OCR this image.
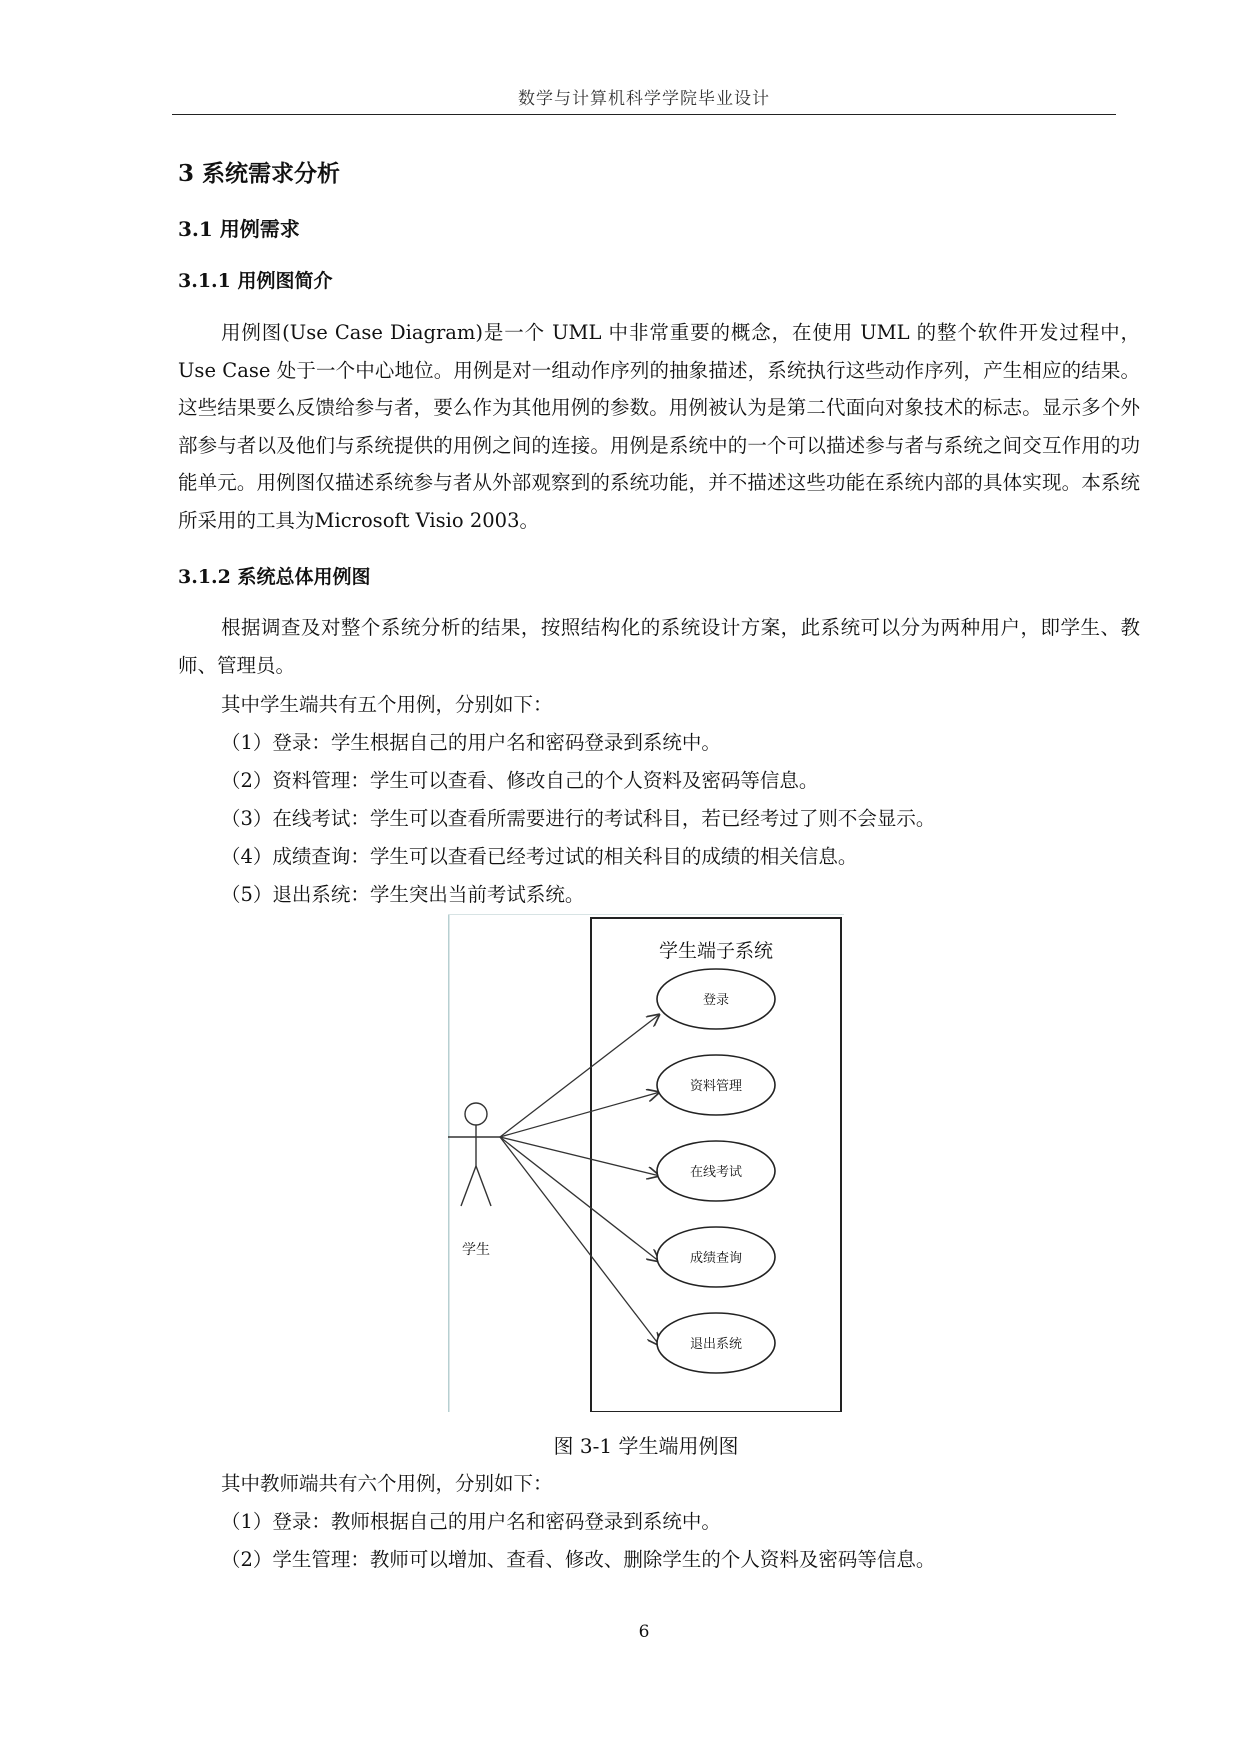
数学与计算机科学学院毕业设计
3 系统需求分析
3.1 用例需求
3.1.1 用例图简介

用例图(Use Case Diagram)是一个 UML 中非常重要的概念，在使用 UML 的整个软件开发过程中，Use Case 处于一个中心地位。用例是对一组动作序列的抽象描述，系统执行这些动作序列，产生相应的结果。这些结果要么反馈给参与者，要么作为其他用例的参数。用例被认为是第二代面向对象技术的标志。显示多个外部参与者以及他们与系统提供的用例之间的连接。用例是系统中的一个可以描述参与者与系统之间交互作用的功能单元。用例图仅描述系统参与者从外部观察到的系统功能，并不描述这些功能在系统内部的具体实现。本系统所采用的工具为Microsoft Visio 2003。

3.1.2 系统总体用例图

根据调查及对整个系统分析的结果，按照结构化的系统设计方案，此系统可以分为两种用户，即学生、教师、管理员。

其中学生端共有五个用例，分别如下：
（1）登录：学生根据自己的用户名和密码登录到系统中。
（2）资料管理：学生可以查看、修改自己的个人资料及密码等信息。
（3）在线考试：学生可以查看所需要进行的考试科目，若已经考过了则不会显示。
（4）成绩查询：学生可以查看已经考过试的相关科目的成绩的相关信息。
（5）退出系统：学生突出当前考试系统。
学生端子系统
学生
登录
资料管理
在线考试
成绩查询
退出系统
图 3-1 学生端用例图
其中教师端共有六个用例，分别如下：
（1）登录：教师根据自己的用户名和密码登录到系统中。
（2）学生管理：教师可以增加、查看、修改、删除学生的个人资料及密码等信息。
6
